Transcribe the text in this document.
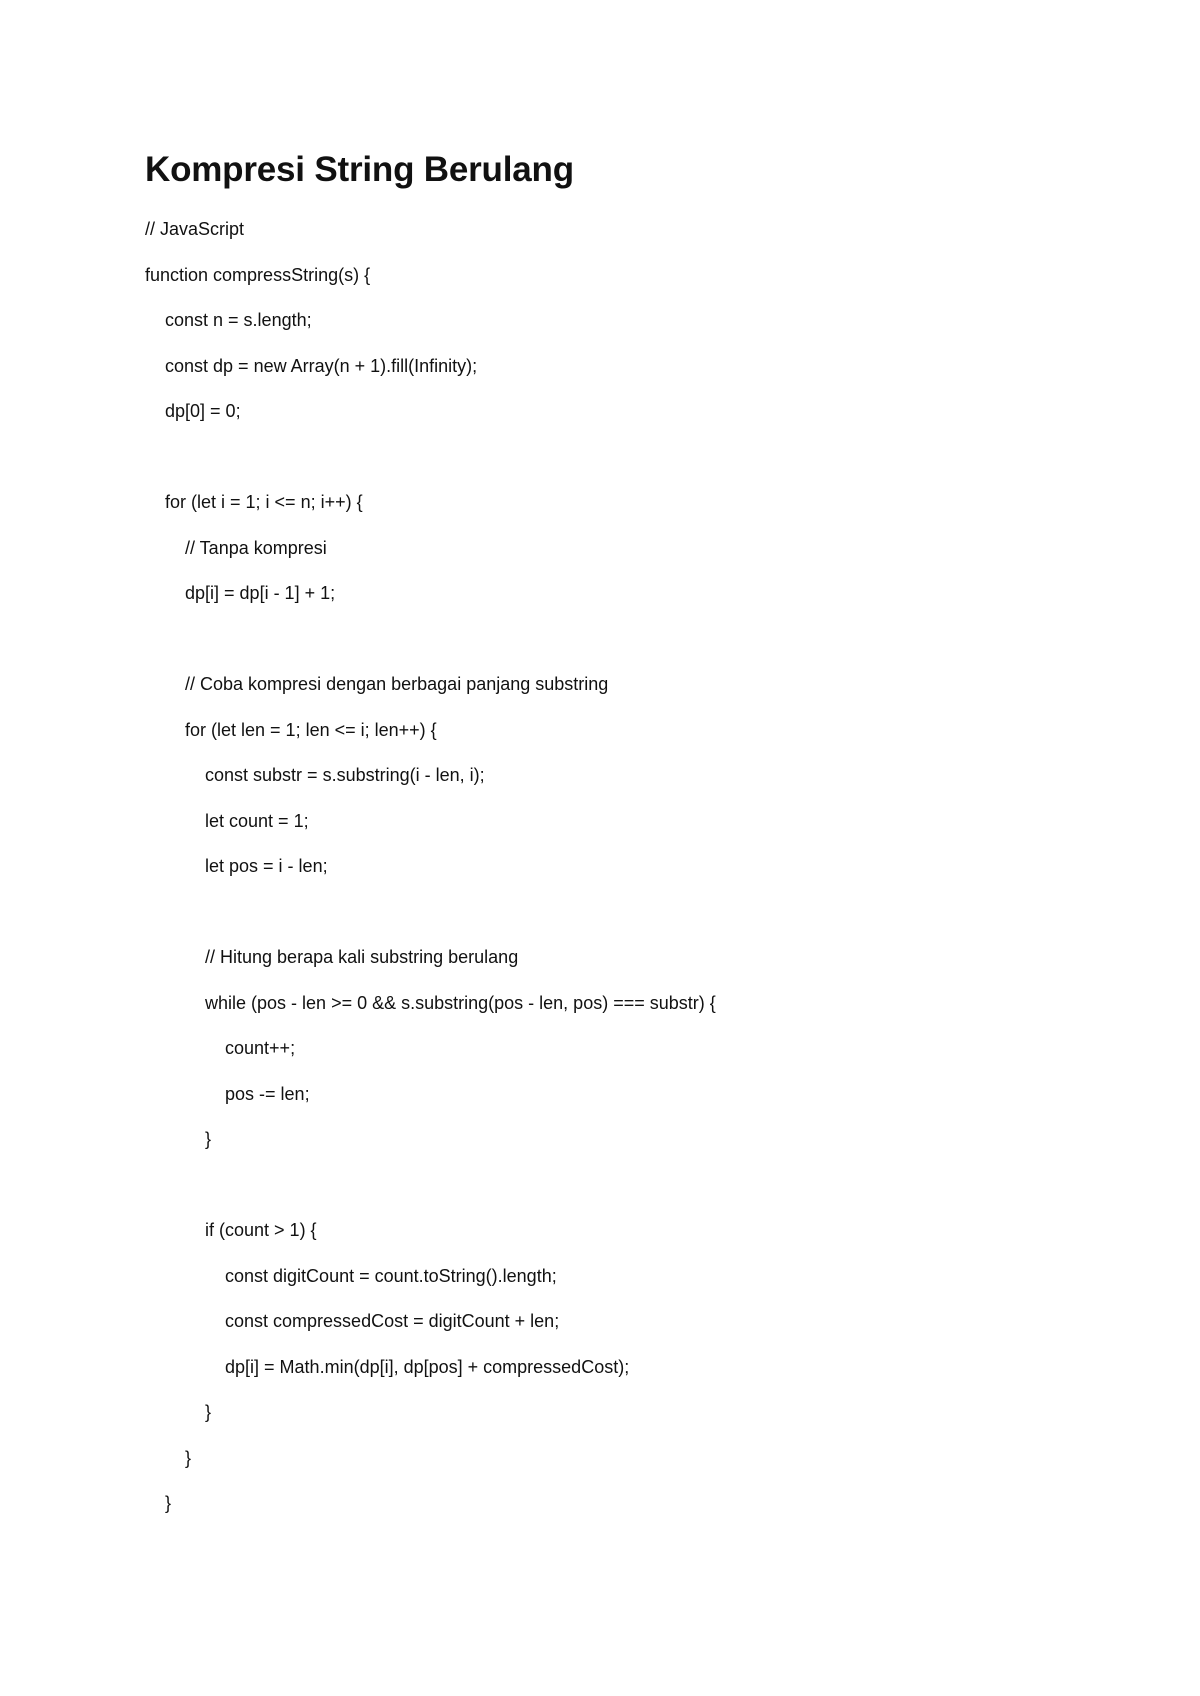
Kompresi String Berulang
// JavaScript
function compressString(s) {
const n = s.length;
const dp = new Array(n + 1).fill(Infinity);
dp[0] = 0;
for (let i = 1; i <= n; i++) {
// Tanpa kompresi
dp[i] = dp[i - 1] + 1;
// Coba kompresi dengan berbagai panjang substring
for (let len = 1; len <= i; len++) {
const substr = s.substring(i - len, i);
let count = 1;
let pos = i - len;
// Hitung berapa kali substring berulang
while (pos - len >= 0 && s.substring(pos - len, pos) === substr) {
count++;
pos -= len;
}
if (count > 1) {
const digitCount = count.toString().length;
const compressedCost = digitCount + len;
dp[i] = Math.min(dp[i], dp[pos] + compressedCost);
}
}
}
